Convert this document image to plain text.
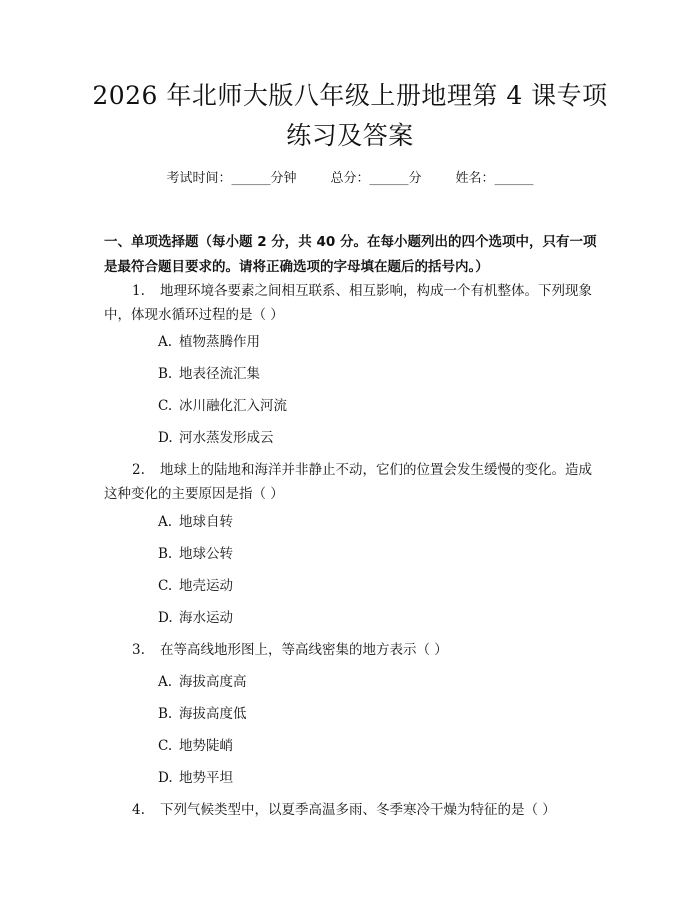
2026 年北师大版八年级上册地理第 4 课专项
练习及答案
考试时间：______分钟	总分：______分	姓名：______
一、单项选择题（每小题 2 分，共 40 分。在每小题列出的四个选项中，只有一项是最符合题目要求的。请将正确选项的字母填在题后的括号内。）
1. 地理环境各要素之间相互联系、相互影响，构成一个有机整体。下列现象中，体现水循环过程的是（ ）
A. 植物蒸腾作用
B. 地表径流汇集
C. 冰川融化汇入河流
D. 河水蒸发形成云
2. 地球上的陆地和海洋并非静止不动，它们的位置会发生缓慢的变化。造成这种变化的主要原因是指（ ）
A. 地球自转
B. 地球公转
C. 地壳运动
D. 海水运动
3. 在等高线地形图上，等高线密集的地方表示（ ）
A. 海拔高度高
B. 海拔高度低
C. 地势陡峭
D. 地势平坦
4. 下列气候类型中，以夏季高温多雨、冬季寒冷干燥为特征的是（ ）
